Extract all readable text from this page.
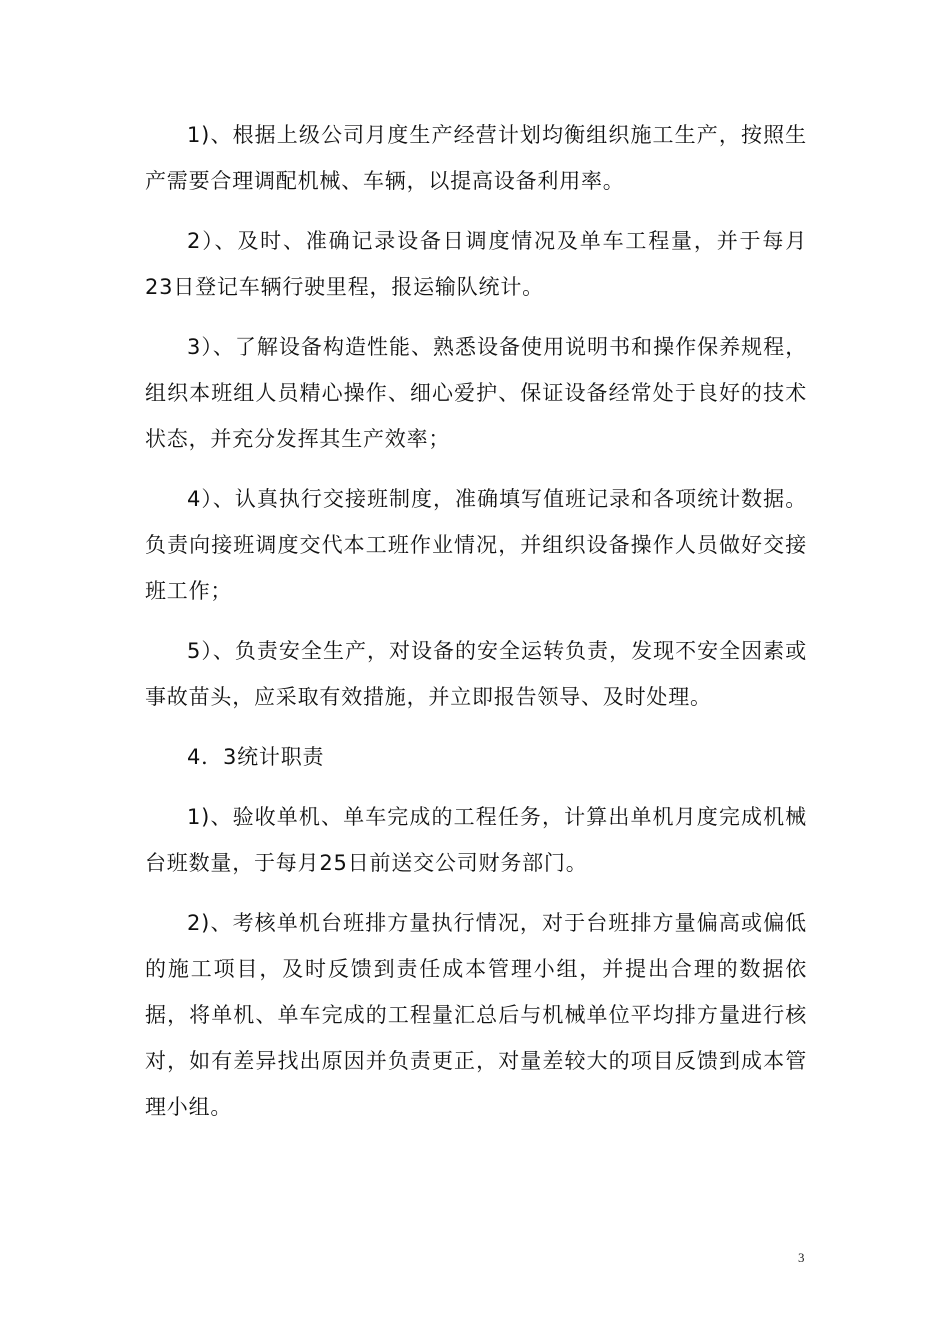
1)、根据上级公司月度生产经营计划均衡组织施工生产，按照生产需要合理调配机械、车辆，以提高设备利用率。

2）、及时、准确记录设备日调度情况及单车工程量，并于每月23日登记车辆行驶里程，报运输队统计。

3）、了解设备构造性能、熟悉设备使用说明书和操作保养规程，组织本班组人员精心操作、细心爱护、保证设备经常处于良好的技术状态，并充分发挥其生产效率；

4）、认真执行交接班制度，准确填写值班记录和各项统计数据。负责向接班调度交代本工班作业情况，并组织设备操作人员做好交接班工作；

5）、负责安全生产，对设备的安全运转负责，发现不安全因素或事故苗头，应采取有效措施，并立即报告领导、及时处理。

4．3统计职责

1)、验收单机、单车完成的工程任务，计算出单机月度完成机械台班数量，于每月25日前送交公司财务部门。

2)、考核单机台班排方量执行情况，对于台班排方量偏高或偏低的施工项目，及时反馈到责任成本管理小组，并提出合理的数据依据，将单机、单车完成的工程量汇总后与机械单位平均排方量进行核对，如有差异找出原因并负责更正，对量差较大的项目反馈到成本管理小组。

3
